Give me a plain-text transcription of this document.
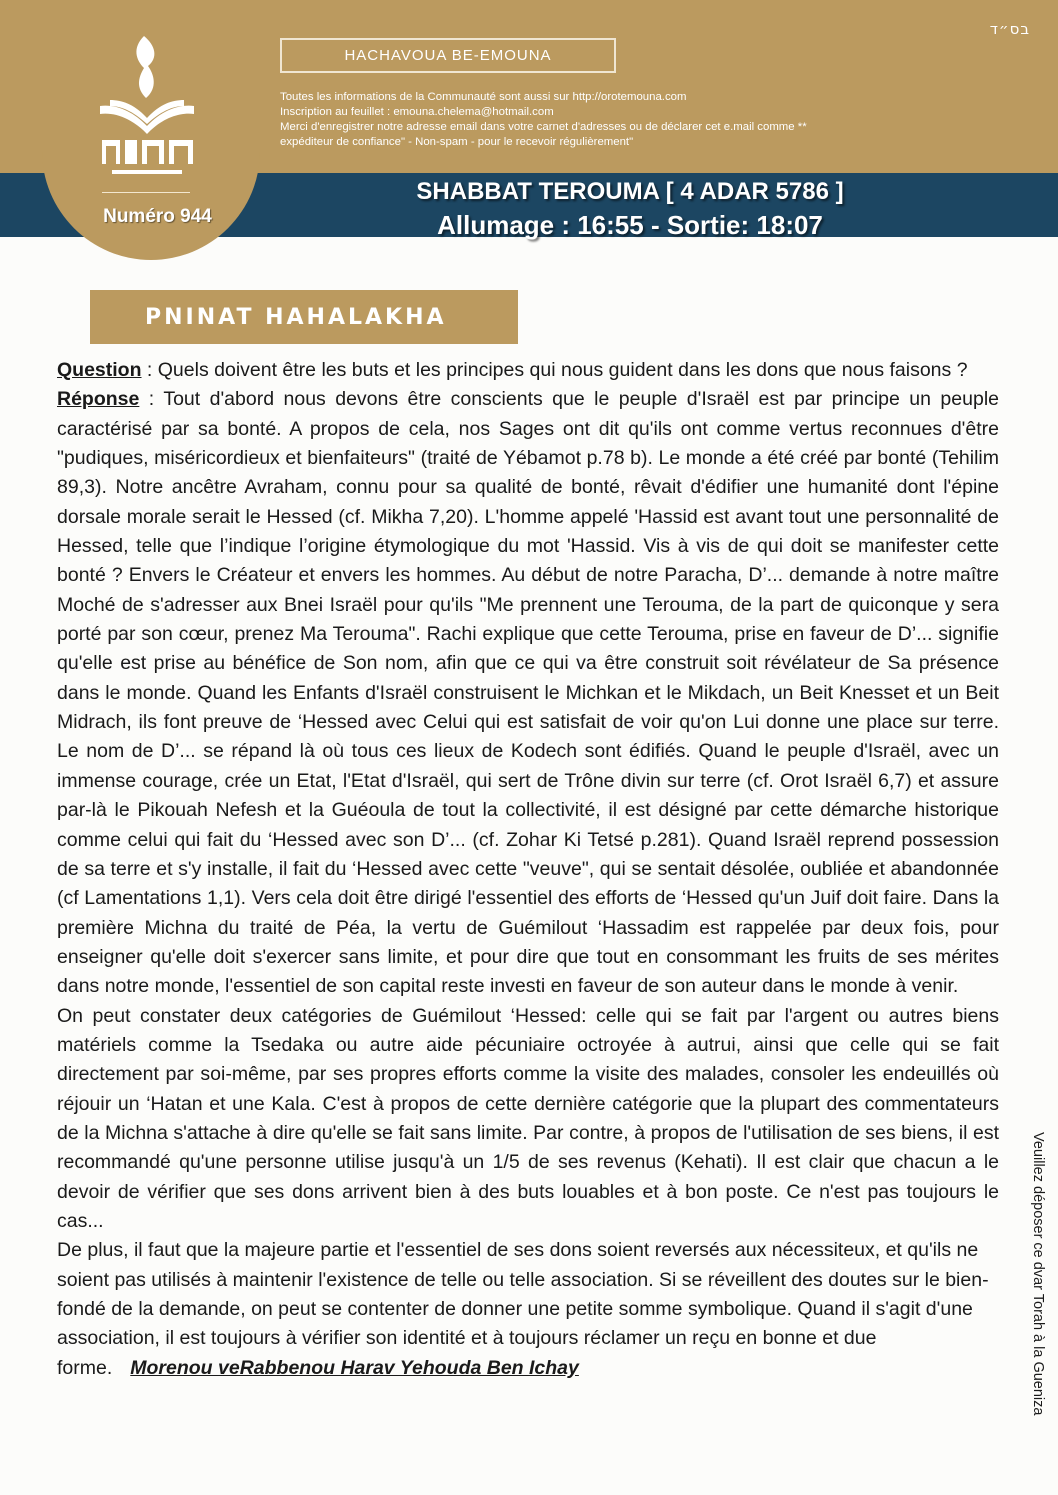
Numéro 944
בס״ד
HACHAVOUA BE-EMOUNA
Toutes les informations de la Communauté sont aussi sur http://orotemouna.com
Inscription au feuillet : emouna.chelema@hotmail.com
Merci d'enregistrer notre adresse email dans votre carnet d'adresses ou de déclarer cet e.mail comme **
expéditeur de confiance" - Non-spam - pour le recevoir régulièrement"
SHABBAT TEROUMA [ 4 ADAR 5786 ]
Allumage : 16:55 - Sortie: 18:07
PNINAT HAHALAKHA

Question : Quels doivent être les buts et les principes qui nous guident dans les dons que nous faisons ?

Réponse : Tout d'abord nous devons être conscients que le peuple d'Israël est par principe un peuple caractérisé par sa bonté. A propos de cela, nos Sages ont dit qu'ils ont comme vertus reconnues d'être "pudiques, miséricordieux et bienfaiteurs" (traité de Yébamot p.78 b). Le monde a été créé par bonté (Tehilim 89,3). Notre ancêtre Avraham, connu pour sa qualité de bonté, rêvait d'édifier une humanité dont l'épine dorsale morale serait le Hessed (cf. Mikha 7,20). L'homme appelé 'Hassid est avant tout une personnalité de Hessed, telle que l’indique l’origine étymologique du mot 'Hassid. Vis à vis de qui doit se manifester cette bonté ? Envers le Créateur et envers les hommes. Au début de notre Paracha, D’... demande à notre maître Moché de s'adresser aux Bnei Israël pour qu'ils "Me prennent une Terouma, de la part de quiconque y sera porté par son cœur, prenez Ma Terouma". Rachi explique que cette Terouma, prise en faveur de D’... signifie qu'elle est prise au bénéfice de Son nom, afin que ce qui va être construit soit révélateur de Sa présence dans le monde. Quand les Enfants d'Israël construisent le Michkan et le Mikdach, un Beit Knesset et un Beit Midrach, ils font preuve de ‘Hessed avec Celui qui est satisfait de voir qu'on Lui donne une place sur terre. Le nom de D’... se répand là où tous ces lieux de Kodech sont édifiés. Quand le peuple d'Israël, avec un immense courage, crée un Etat, l'Etat d'Israël, qui sert de Trône divin sur terre (cf. Orot Israël 6,7) et assure par-là le Pikouah Nefesh et la Guéoula de tout la collectivité, il est désigné par cette démarche historique comme celui qui fait du ‘Hessed avec son D’... (cf. Zohar Ki Tetsé p.281). Quand Israël reprend possession de sa terre et s'y installe, il fait du ‘Hessed avec cette "veuve", qui se sentait désolée, oubliée et abandonnée (cf Lamentations 1,1). Vers cela doit être dirigé l'essentiel des efforts de ‘Hessed qu'un Juif doit faire. Dans la première Michna du traité de Péa, la vertu de Guémilout ‘Hassadim est rappelée par deux fois, pour enseigner qu'elle doit s'exercer sans limite, et pour dire que tout en consommant les fruits de ses mérites dans notre monde, l'essentiel de son capital reste investi en faveur de son auteur dans le monde à venir.

On peut constater deux catégories de Guémilout ‘Hessed: celle qui se fait par l'argent ou autres biens matériels comme la Tsedaka ou autre aide pécuniaire octroyée à autrui, ainsi que celle qui se fait directement par soi-même, par ses propres efforts comme la visite des malades, consoler les endeuillés où réjouir un ‘Hatan et une Kala. C'est à propos de cette dernière catégorie que la plupart des commentateurs de la Michna s'attache à dire qu'elle se fait sans limite. Par contre, à propos de l'utilisation de ses biens, il est recommandé qu'une personne utilise jusqu'à un 1/5 de ses revenus (Kehati). Il est clair que chacun a le devoir de vérifier que ses dons arrivent bien à des buts louables et à bon poste. Ce n'est pas toujours le cas...

De plus, il faut que la majeure partie et l'essentiel de ses dons soient reversés aux nécessiteux, et qu'ils ne soient pas utilisés à maintenir l'existence de telle ou telle association. Si se réveillent des doutes sur le bien-fondé de la demande, on peut se contenter de donner une petite somme symbolique. Quand il s'agit d'une association, il est toujours à vérifier son identité et à toujours réclamer un reçu en bonne et due forme. Morenou veRabbenou Harav Yehouda Ben Ichay	Veuillez déposer ce dvar Torah à la Guenizа
